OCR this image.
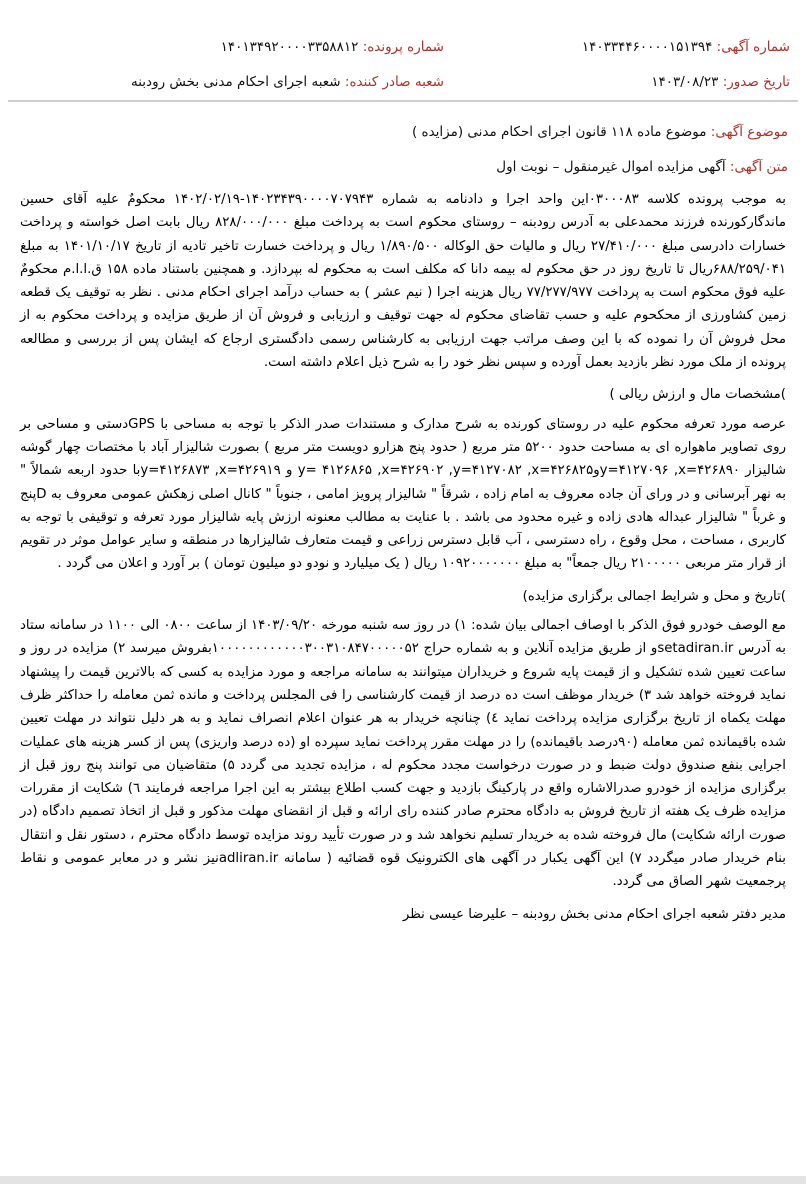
شماره آگهی: ۱۴۰۳۳۴۴۶۰۰۰۰۱۵۱۳۹۴
شماره پرونده: ۱۴۰۱۳۴۹۲۰۰۰۰۳۳۵۸۸۱۲
تاریخ صدور: ۱۴۰۳/۰۸/۲۳
شعبه صادر کننده: شعبه اجرای احکام مدنی بخش رودبنه
موضوع آگهی: موضوع ماده ۱۱۸ قانون اجرای احکام مدنی (مزایده )
متن آگهی: آگهی مزایده اموال غیرمنقول – نوبت اول

به موجب پرونده کلاسه ۰۳۰۰۰۸۳این واحد اجرا و دادنامه به شماره ۱۴۰۲۳۴۳۹۰۰۰۰۷۰۷۹۴۳-۱۴۰۲/۰۲/۱۹ محکومٌ علیه آقای حسین ماندگارکورنده فرزند محمدعلی به آدرس رودبنه – روستای محکوم است به پرداخت مبلغ ۸۲۸/۰۰۰/۰۰۰ ریال بابت اصل خواسته و پرداخت خسارات دادرسی مبلغ ۲۷/۴۱۰/۰۰۰ ریال و مالیات حق الوکاله ۱/۸۹۰/۵۰۰ ریال و پرداخت خسارت تاخیر تادیه از تاریخ ۱۴۰۱/۱۰/۱۷ به مبلغ ۶۸۸/۲۵۹/۰۴۱ریال تا تاریخ روز در حق محکوم له بیمه دانا که مکلف است به محکوم له بپردازد. و همچنین باستناد ماده ۱۵۸ ق.ا.ا.م محکومٌ علیه فوق محکوم است به پرداخت ۷۷/۲۷۷/۹۷۷ ریال هزینه اجرا ( نیم عشر ) به حساب درآمد اجرای احکام مدنی . نظر به توقیف یک قطعه زمین کشاورزی از محکحوم علیه و حسب تقاضای محکوم له جهت توقیف و ارزیابی و فروش آن از طریق مزایده و پرداخت محکوم به از محل فروش آن را نموده که با این وصف مراتب جهت ارزیابی به کارشناس رسمی دادگستری ارجاع که ایشان پس از بررسی و مطالعه پرونده از ملک مورد نظر بازدید بعمل آورده و سپس نظر خود را به شرح ذیل اعلام داشته است.

)مشخصات مال و ارزش ریالی )

عرصه مورد تعرفه محکوم علیه در روستای کورنده به شرح مدارک و مستندات صدر الذکر با توجه به مساحی با GPSدستی و مساحی بر روی تصاویر ماهواره ای به مساحت حدود ۵۲۰۰ متر مربع ( حدود پنج هزارو دویست متر مربع ) بصورت شالیزار آباد با مختصات چهار گوشه شالیزار y=۴۱۲۷۰۹۶ ,x=۴۲۶۸۹۰وy= ۴۱۲۶۸۶۵ ,x=۴۲۶۹۰۲ ,y=۴۱۲۷۰۸۲ ,x=۴۲۶۸۲۵ و y=۴۱۲۶۸۷۳ ,x=۴۲۶۹۱۹با حدود اربعه شمالاً " به نهر آبرسانی و در ورای آن جاده معروف به امام زاده ، شرقاً " شالیزار پرویز امامی ، جنوباً " کانال اصلی زهکش عمومی معروف به Dپنج و غرباً " شالیزار عبداله هادی زاده و غیره محدود می باشد . با عنایت به مطالب معنونه ارزش پایه شالیزار مورد تعرفه و توقیفی با توجه به کاربری ، مساحت ، محل وقوع ، راه دسترسی ، آب قابل دسترس زراعی و قیمت متعارف شالیزارها در منطقه و سایر عوامل موثر در تقویم از قرار متر مربعی ۲۱۰۰۰۰۰ ریال جمعاً" به مبلغ ۱۰۹۲۰۰۰۰۰۰۰ ریال ( یک میلیارد و نودو دو میلیون تومان ) بر آورد و اعلان می گردد .

)تاریخ و محل و شرایط اجمالی برگزاری مزایده)

مع الوصف خودرو فوق الذکر با اوصاف اجمالی بیان شده: ۱) در روز سه شنبه مورخه ۱۴۰۳/۰۹/۲۰ از ساعت ۰۸۰۰ الی ۱۱۰۰ در سامانه ستاد به آدرس setadiran.irو از طریق مزایده آنلاین و به شماره حراج ۱۰۰۰۰۰۰۰۰۰۰۰۰۳۰۰۳۱۰۸۴۷۰۰۰۰۰۵۲بفروش میرسد ۲) مزایده در روز و ساعت تعیین شده تشکیل و از قیمت پایه شروع و خریداران میتوانند به سامانه مراجعه و مورد مزایده به کسی که بالاترین قیمت را پیشنهاد نماید فروخته خواهد شد ۳) خریدار موظف است ده درصد از قیمت کارشناسی را فی المجلس پرداخت و مانده ثمن معامله را حداکثر ظرف مهلت یکماه از تاریخ برگزاری مزایده پرداخت نماید ٤) چنانچه خریدار به هر عنوان اعلام انصراف نماید و به هر دلیل نتواند در مهلت تعیین شده باقیمانده ثمن معامله (۹۰درصد باقیمانده) را در مهلت مقرر پرداخت نماید سپرده او (ده درصد واریزی) پس از کسر هزینه های عملیات اجرایی بنفع صندوق دولت ضبط و در صورت درخواست مجدد محکوم له ، مزایده تجدید می گردد ۵) متقاضیان می توانند پنج روز قبل از برگزاری مزایده از خودرو صدرالاشاره واقع در پارکینگ بازدید و جهت کسب اطلاع بیشتر به این اجرا مراجعه فرمایند ٦) شکایت از مقررات مزایده ظرف یک هفته از تاریخ فروش به دادگاه محترم صادر کننده رای ارائه و قبل از انقضای مهلت مذکور و قبل از اتخاذ تصمیم دادگاه (در صورت ارائه شکایت) مال فروخته شده به خریدار تسلیم نخواهد شد و در صورت تأیید روند مزایده توسط دادگاه محترم ، دستور نقل و انتقال بنام خریدار صادر میگردد ۷) این آگهی یکبار در آگهی های الکترونیک قوه قضائیه ( سامانه adliran.irنیز نشر و در معابر عمومی و نقاط پرجمعیت شهر الصاق می گردد.

مدیر دفتر شعبه اجرای احکام مدنی بخش رودبنه – علیرضا عیسی نظر
